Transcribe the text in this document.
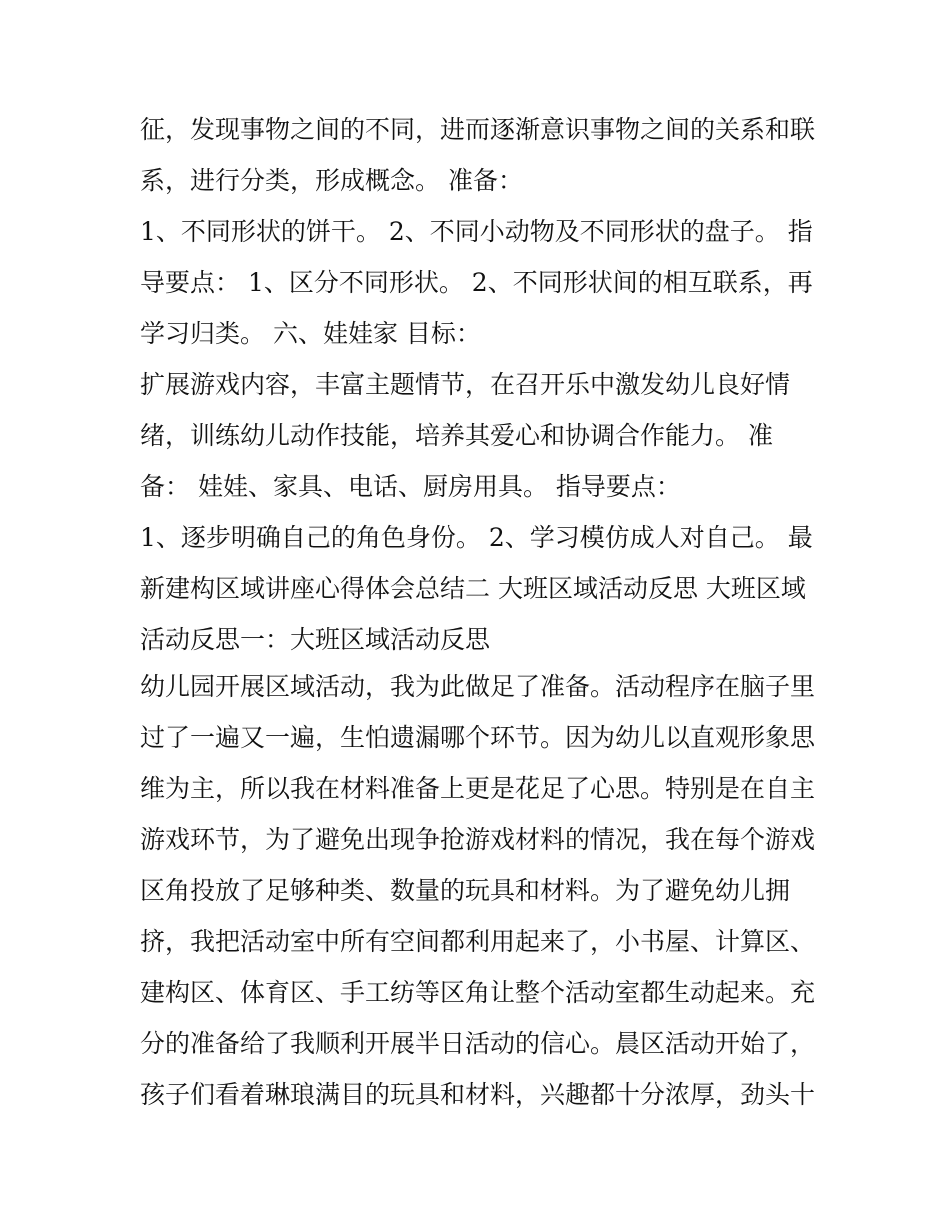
征，发现事物之间的不同，进而逐渐意识事物之间的关系和联
系，进行分类，形成概念。 准备：
1、不同形状的饼干。 2、不同小动物及不同形状的盘子。 指
导要点： 1、区分不同形状。 2、不同形状间的相互联系，再
学习归类。 六、娃娃家 目标：
扩展游戏内容，丰富主题情节，在召开乐中激发幼儿良好情
绪，训练幼儿动作技能，培养其爱心和协调合作能力。 准
备： 娃娃、家具、电话、厨房用具。 指导要点：
1、逐步明确自己的角色身份。 2、学习模仿成人对自己。 最
新建构区域讲座心得体会总结二 大班区域活动反思 大班区域
活动反思一：大班区域活动反思
幼儿园开展区域活动，我为此做足了准备。活动程序在脑子里
过了一遍又一遍，生怕遗漏哪个环节。因为幼儿以直观形象思
维为主，所以我在材料准备上更是花足了心思。特别是在自主
游戏环节，为了避免出现争抢游戏材料的情况，我在每个游戏
区角投放了足够种类、数量的玩具和材料。为了避免幼儿拥
挤，我把活动室中所有空间都利用起来了，小书屋、计算区、
建构区、体育区、手工纺等区角让整个活动室都生动起来。充
分的准备给了我顺利开展半日活动的信心。晨区活动开始了，
孩子们看着琳琅满目的玩具和材料，兴趣都十分浓厚，劲头十
